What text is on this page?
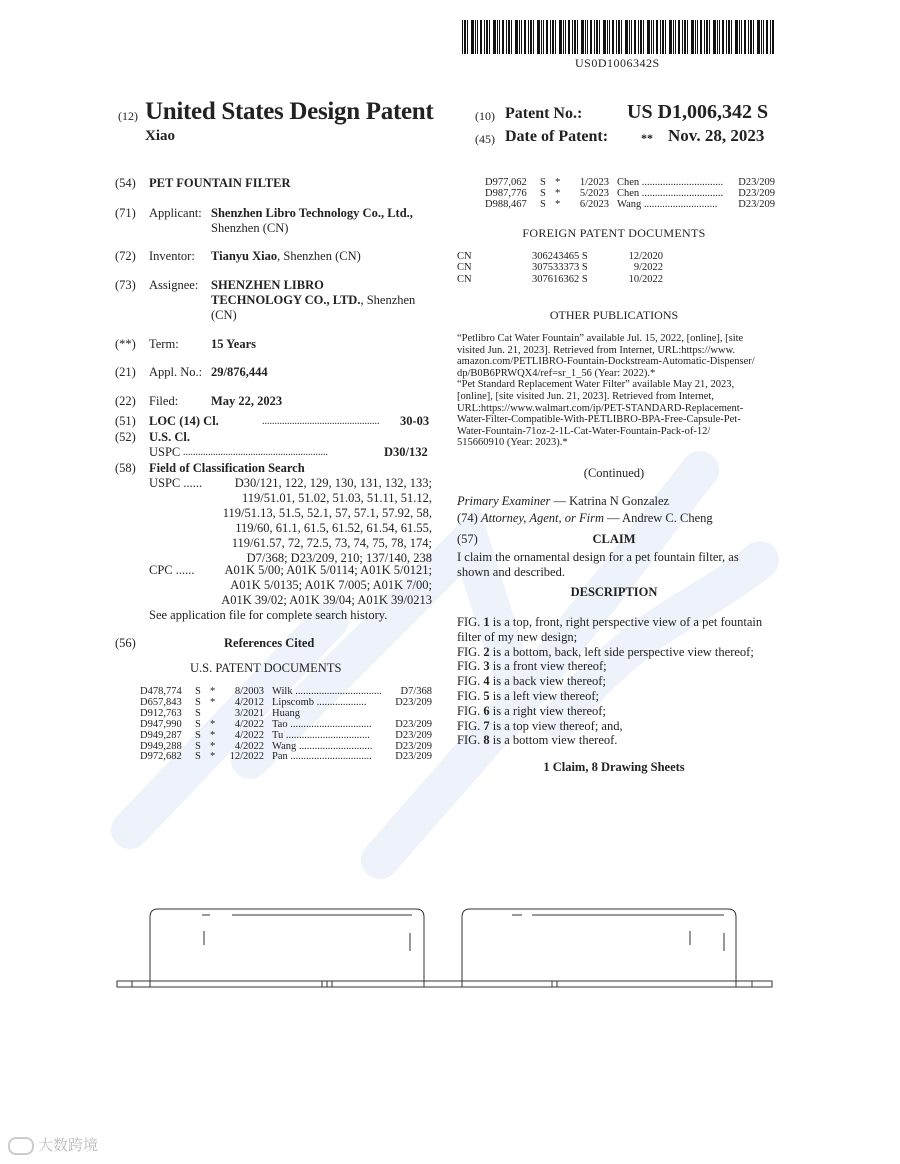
US0D1006342S
(12) United States Design Patent
Xiao
(10) Patent No.: US D1,006,342 S
(45) Date of Patent:	** Nov. 28, 2023
(54) PET FOUNTAIN FILTER
(71) Applicant: Shenzhen Libro Technology Co., Ltd.,
Shenzhen (CN)
(72) Inventor: Tianyu Xiao, Shenzhen (CN)
(73) Assignee: SHENZHEN LIBRO
TECHNOLOGY CO., LTD., Shenzhen
(CN)
(**) Term:	15 Years
(21) Appl. No.: 29/876,444
(22) Filed:	May 22, 2023
(51) LOC (14) Cl.	............................................... 30-03
(52) U.S. Cl.
USPC ..........................................................	D30/132
(58) Field of Classification Search
USPC ......	D30/121, 122, 129, 130, 131, 132, 133;
119/51.01, 51.02, 51.03, 51.11, 51.12,
119/51.13, 51.5, 52.1, 57, 57.1, 57.92, 58,
119/60, 61.1, 61.5, 61.52, 61.54, 61.55,
119/61.57, 72, 72.5, 73, 74, 75, 78, 174;
D7/368; D23/209, 210; 137/140, 238
CPC ......	A01K 5/00; A01K 5/0114; A01K 5/0121;
A01K 5/0135; A01K 7/005; A01K 7/00;
A01K 39/02; A01K 39/04; A01K 39/0213
See application file for complete search history.
(56)	References Cited
U.S. PATENT DOCUMENTS
D478,774 S *	8/2003 Wilk ................................. D7/368
D657,843 S *	4/2012 Lipscomb ...................	D23/209
D912,763 S	3/2021 Huang
D947,990 S *	4/2022 Tao ............................... D23/209
D949,287 S *	4/2022 Tu ................................ D23/209
D949,288 S *	4/2022 Wang ............................ D23/209
D972,682 S *	12/2022 Pan ............................... D23/209
D977,062 S *	1/2023 Chen ............................... D23/209
D987,776 S *	5/2023 Chen ............................... D23/209
D988,467 S *	6/2023 Wang ............................ D23/209
FOREIGN PATENT DOCUMENTS
CN	306243465 S	12/2020
CN	307533373 S	9/2022
CN	307616362 S	10/2022
OTHER PUBLICATIONS
“Petlibro Cat Water Fountain” available Jul. 15, 2022, [online], [site
visited Jun. 21, 2023]. Retrieved from Internet, URL:https://www.
amazon.com/PETLIBRO-Fountain-Dockstream-Automatic-Dispenser/
dp/B0B6PRWQX4/ref=sr_1_56 (Year: 2022).*
“Pet Standard Replacement Water Filter” available May 21, 2023,
[online], [site visited Jun. 21, 2023]. Retrieved from Internet,
URL:https://www.walmart.com/ip/PET-STANDARD-Replacement-
Water-Filter-Compatible-With-PETLIBRO-BPA-Free-Capsule-Pet-
Water-Fountain-71oz-2-1L-Cat-Water-Fountain-Pack-of-12/
515660910 (Year: 2023).*
(Continued)
Primary Examiner — Katrina N Gonzalez
(74) Attorney, Agent, or Firm — Andrew C. Cheng
(57)	CLAIM
I claim the ornamental design for a pet fountain filter, as
shown and described.
DESCRIPTION
FIG. 1 is a top, front, right perspective view of a pet fountain
filter of my new design;
FIG. 2 is a bottom, back, left side perspective view thereof;
FIG. 3 is a front view thereof;
FIG. 4 is a back view thereof;
FIG. 5 is a left view thereof;
FIG. 6 is a right view thereof;
FIG. 7 is a top view thereof; and,
FIG. 8 is a bottom view thereof.
1 Claim, 8 Drawing Sheets
大数跨境
